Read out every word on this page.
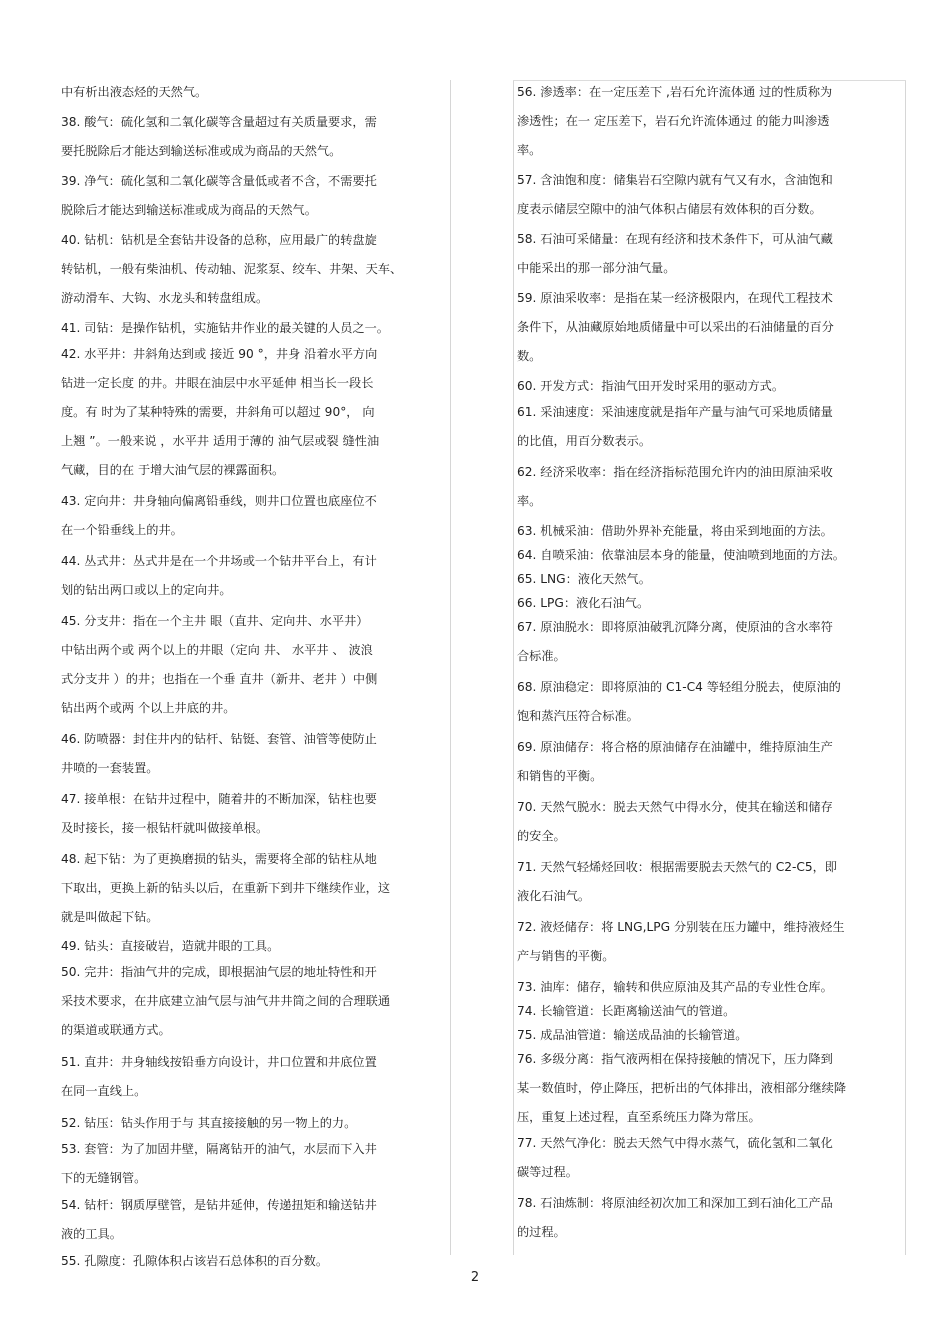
中有析出液态烃的天然气。
38. 酸气：硫化氢和二氧化碳等含量超过有关质量要求，需
要托脱除后才能达到输送标准或成为商品的天然气。
39. 净气：硫化氢和二氧化碳等含量低或者不含，不需要托
脱除后才能达到输送标准或成为商品的天然气。
40. 钻机：钻机是全套钻井设备的总称，应用最广的转盘旋
转钻机，一般有柴油机、传动轴、泥浆泵、绞车、井架、天车、
游动滑车、大钩、水龙头和转盘组成。
41. 司钻：是操作钻机，实施钻井作业的最关键的人员之一。
42. 水平井：井斜角达到或 接近 90 °，井身 沿着水平方向
钻进一定长度 的井。井眼在油层中水平延伸 相当长一段长
度。有 时为了某种特殊的需要，井斜角可以超过 90°， 向
上翘 ”。一般来说 ，水平井 适用于薄的 油气层或裂 缝性油
气藏，目的在 于增大油气层的裸露面积。
43. 定向井：井身轴向偏离铅垂线，则井口位置也底座位不
在一个铅垂线上的井。
44. 丛式井：丛式井是在一个井场或一个钻井平台上，有计
划的钻出两口或以上的定向井。
45. 分支井：指在一个主井 眼（直井、定向井、水平井）
中钻出两个或 两个以上的井眼（定向 井、 水平井 、 波浪
式分支井 ）的井；也指在一个垂 直井（新井、老井 ）中侧
钻出两个或两 个以上井底的井。
46. 防喷器：封住井内的钻杆、钻铤、套管、油管等使防止
井喷的一套装置。
47. 接单根：在钻井过程中，随着井的不断加深，钻柱也要
及时接长，接一根钻杆就叫做接单根。
48. 起下钻：为了更换磨损的钻头，需要将全部的钻柱从地
下取出，更换上新的钻头以后，在重新下到井下继续作业，这
就是叫做起下钻。
49. 钻头：直接破岩，造就井眼的工具。
50. 完井：指油气井的完成，即根据油气层的地址特性和开
采技术要求，在井底建立油气层与油气井井筒之间的合理联通
的渠道或联通方式。
51. 直井：井身轴线按铅垂方向设计，井口位置和井底位置
在同一直线上。
52. 钻压：钻头作用于与 其直接接触的另一物上的力。
53. 套管：为了加固井壁，隔离钻开的油气，水层而下入井
下的无缝钢管。
54. 钻杆：钢质厚壁管，是钻井延伸，传递扭矩和输送钻井
液的工具。
55. 孔隙度：孔隙体积占该岩石总体积的百分数。
56. 渗透率：在一定压差下 ,岩石允许流体通 过的性质称为
渗透性；在一 定压差下，岩石允许流体通过 的能力叫渗透
率。
57. 含油饱和度：储集岩石空隙内就有气又有水，含油饱和
度表示储层空隙中的油气体积占储层有效体积的百分数。
58. 石油可采储量：在现有经济和技术条件下，可从油气藏
中能采出的那一部分油气量。
59. 原油采收率：是指在某一经济极限内，在现代工程技术
条件下，从油藏原始地质储量中可以采出的石油储量的百分
数。
60. 开发方式：指油气田开发时采用的驱动方式。
61. 采油速度：采油速度就是指年产量与油气可采地质储量
的比值，用百分数表示。
62. 经济采收率：指在经济指标范围允许内的油田原油采收
率。
63. 机械采油：借助外界补充能量，将由采到地面的方法。
64. 自喷采油：依靠油层本身的能量，使油喷到地面的方法。
65. LNG：液化天然气。
66. LPG：液化石油气。
67. 原油脱水：即将原油破乳沉降分离，使原油的含水率符
合标准。
68. 原油稳定：即将原油的 C1-C4 等轻组分脱去，使原油的
饱和蒸汽压符合标准。
69. 原油储存：将合格的原油储存在油罐中，维持原油生产
和销售的平衡。
70. 天然气脱水：脱去天然气中得水分，使其在输送和储存
的安全。
71. 天然气轻烯烃回收：根据需要脱去天然气的 C2-C5，即
液化石油气。
72. 液烃储存：将 LNG,LPG 分别装在压力罐中，维持液烃生
产与销售的平衡。
73. 油库：储存，输转和供应原油及其产品的专业性仓库。
74. 长输管道：长距离输送油气的管道。
75. 成品油管道：输送成品油的长输管道。
76. 多级分离：指气液两相在保持接触的情况下，压力降到
某一数值时，停止降压，把析出的气体排出，液相部分继续降
压，重复上述过程，直至系统压力降为常压。
77. 天然气净化：脱去天然气中得水蒸气，硫化氢和二氧化
碳等过程。
78. 石油炼制：将原油经初次加工和深加工到石油化工产品
的过程。
2
